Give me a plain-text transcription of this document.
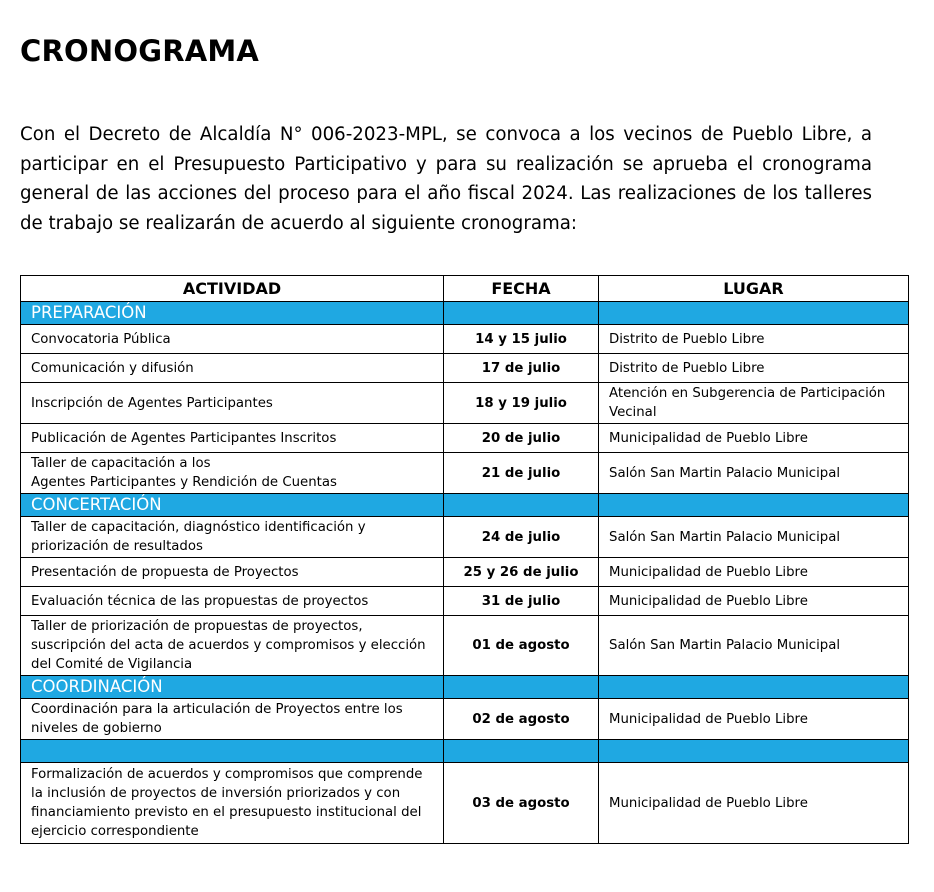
CRONOGRAMA

Con el Decreto de Alcaldía N° 006-2023-MPL, se convoca a los vecinos de Pueblo Libre, a participar en el Presupuesto Participativo y para su realización se aprueba el cronograma general de las acciones del proceso para el año fiscal 2024. Las realizaciones de los talleres de trabajo se realizarán de acuerdo al siguiente cronograma:

ACTIVIDAD	FECHA	LUGAR
PREPARACIÓN		
Convocatoria Pública	14 y 15 julio	Distrito de Pueblo Libre
Comunicación y difusión	17 de julio	Distrito de Pueblo Libre
Inscripción de Agentes Participantes	18 y 19 julio	Atención en Subgerencia de Participación Vecinal
Publicación de Agentes Participantes Inscritos	20 de julio	Municipalidad de Pueblo Libre
Taller de capacitación a los
Agentes Participantes y Rendición de Cuentas	21 de julio	Salón San Martin Palacio Municipal
CONCERTACIÓN		
Taller de capacitación, diagnóstico identificación y priorización de resultados	24 de julio	Salón San Martin Palacio Municipal
Presentación de propuesta de Proyectos	25 y 26 de julio	Municipalidad de Pueblo Libre
Evaluación técnica de las propuestas de proyectos	31 de julio	Municipalidad de Pueblo Libre
Taller de priorización de propuestas de proyectos, suscripción del acta de acuerdos y compromisos y elección del Comité de Vigilancia	01 de agosto	Salón San Martin Palacio Municipal
COORDINACIÓN		
Coordinación para la articulación de Proyectos entre los niveles de gobierno	02 de agosto	Municipalidad de Pueblo Libre

Formalización de acuerdos y compromisos que comprende la inclusión de proyectos de inversión priorizados y con financiamiento previsto en el presupuesto institucional del ejercicio correspondiente	03 de agosto	Municipalidad de Pueblo Libre
